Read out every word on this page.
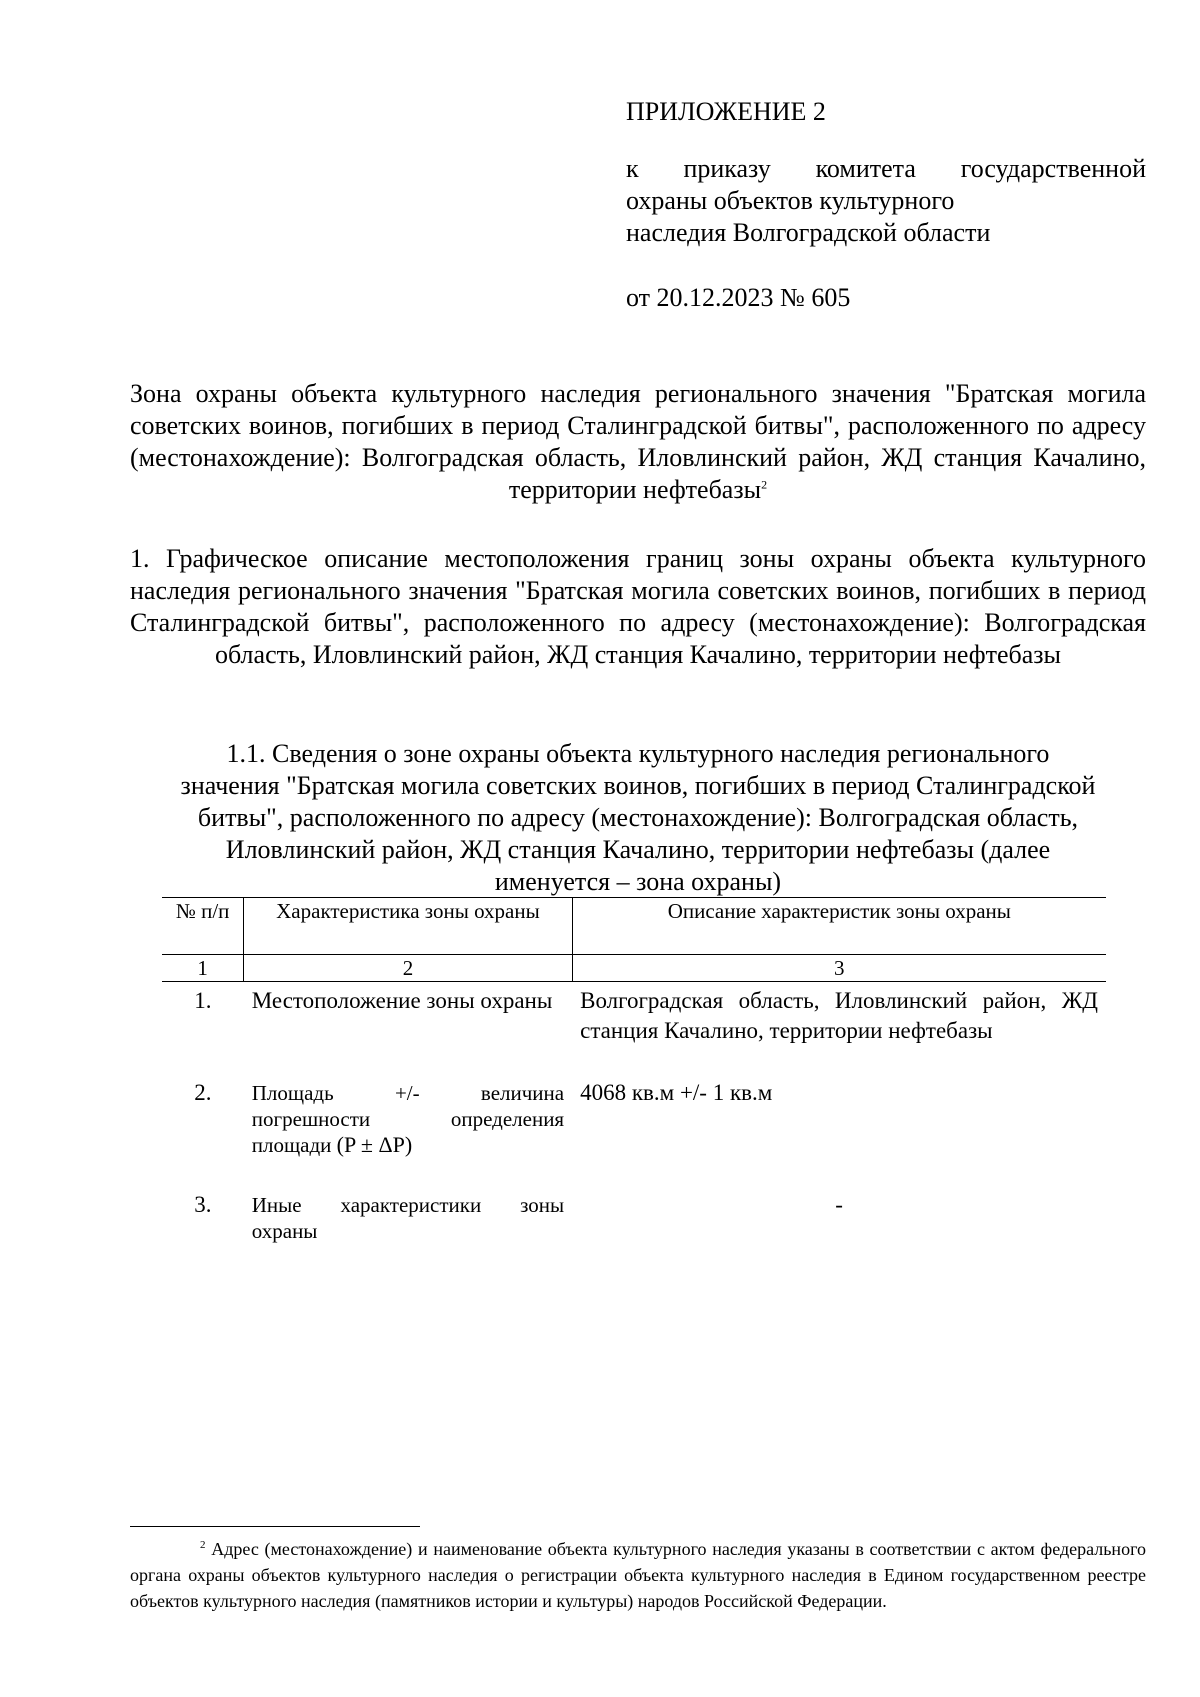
ПРИЛОЖЕНИЕ 2
к приказу комитета государственной
охраны объектов культурного
наследия Волгоградской области
от 20.12.2023 № 605
Зона охраны объекта культурного наследия регионального значения "Братская могила советских воинов, погибших в период Сталинградской битвы", расположенного по адресу (местонахождение): Волгоградская область, Иловлинский район, ЖД станция Качалино, территории нефтебазы$^2$
1. Графическое описание местоположения границ зоны охраны объекта культурного наследия регионального значения "Братская могила советских воинов, погибших в период Сталинградской битвы", расположенного по адресу (местонахождение): Волгоградская область, Иловлинский район, ЖД станция Качалино, территории нефтебазы
1.1. Сведения о зоне охраны объекта культурного наследия регионального
значения "Братская могила советских воинов, погибших в период Сталинградской
битвы", расположенного по адресу (местонахождение): Волгоградская область,
Иловлинский район, ЖД станция Качалино, территории нефтебазы (далее
именуется – зона охраны)
№ п/п	Характеристика зоны охраны	Описание характеристик зоны охраны
1	2	3
1.	Местоположение зоны охраны	Волгоградская область, Иловлинский район, ЖД станция Качалино, территории нефтебазы
2.	Площадь +/- величина погрешности определения площади (P ± ΔP)	4068 кв.м +/- 1 кв.м
3.	Иные характеристики зоны охраны	-
$^2$ Адрес (местонахождение) и наименование объекта культурного наследия указаны в соответствии с актом федерального органа охраны объектов культурного наследия о регистрации объекта культурного наследия в Едином государственном реестре объектов культурного наследия (памятников истории и культуры) народов Российской Федерации.
